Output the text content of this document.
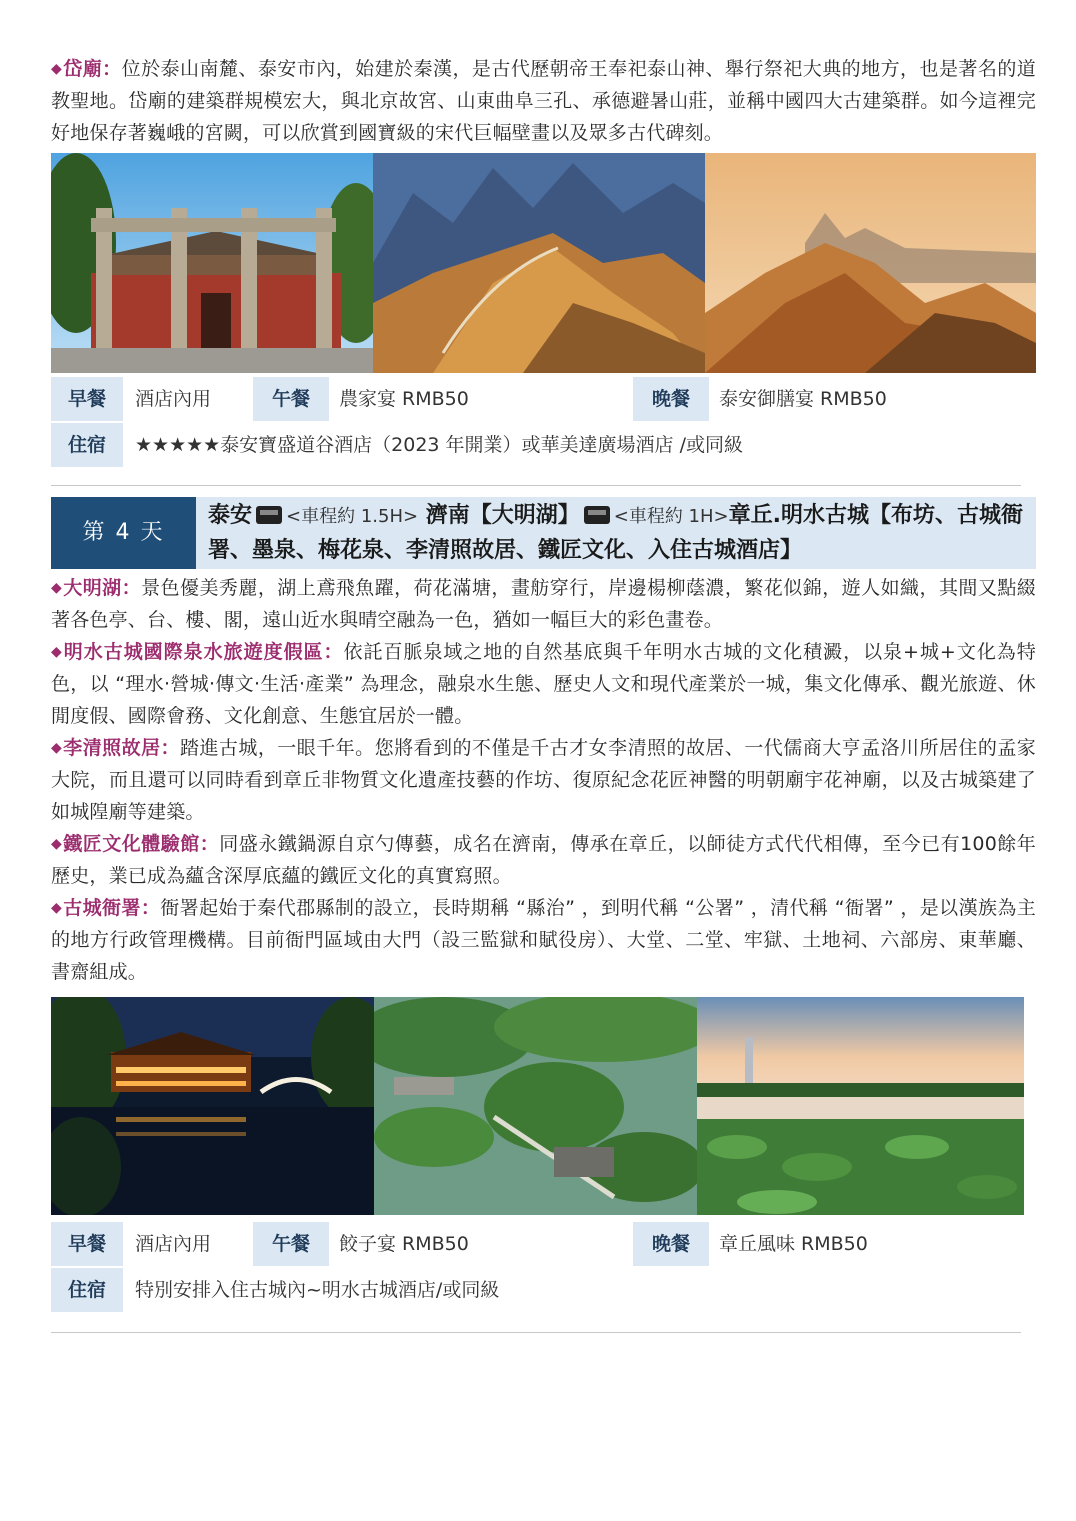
◆岱廟：位於泰山南麓、泰安市內，始建於秦漢，是古代歷朝帝王奉祀泰山神、舉行祭祀大典的地方，也是著名的道教聖地。岱廟的建築群規模宏大，與北京故宮、山東曲阜三孔、承德避暑山莊，並稱中國四大古建築群。如今這裡完好地保存著巍峨的宮闕，可以欣賞到國寶級的宋代巨幅壁畫以及眾多古代碑刻。

早餐	酒店內用	午餐	農家宴 RMB50	晚餐	泰安御膳宴 RMB50
住宿	★★★★★泰安寶盛道谷酒店（2023 年開業）或華美達廣場酒店 /或同級
第 4 天
泰安 <車程約 1.5H> 濟南【大明湖】 <車程約 1H>章丘.明水古城【布坊、古城衙署、墨泉、梅花泉、李清照故居、鐵匠文化、入住古城酒店】

◆大明湖：景色優美秀麗，湖上鳶飛魚躍，荷花滿塘，畫舫穿行，岸邊楊柳蔭濃，繁花似錦，遊人如織，其間又點綴著各色亭、台、樓、閣，遠山近水與晴空融為一色，猶如一幅巨大的彩色畫卷。

◆明水古城國際泉水旅遊度假區：依託百脈泉域之地的自然基底與千年明水古城的文化積澱，以泉+城+文化為特色，以 “理水·營城·傳文·生活·產業” 為理念，融泉水生態、歷史人文和現代產業於一城，集文化傳承、觀光旅遊、休閒度假、國際會務、文化創意、生態宜居於一體。

◆李清照故居：踏進古城，一眼千年。您將看到的不僅是千古才女李清照的故居、一代儒商大亨孟洛川所居住的孟家大院，而且還可以同時看到章丘非物質文化遺產技藝的作坊、復原紀念花匠神醫的明朝廟宇花神廟，以及古城築建了如城隍廟等建築。

◆鐵匠文化體驗館：同盛永鐵鍋源自京勺傳藝，成名在濟南，傳承在章丘，以師徒方式代代相傳，至今已有100餘年歷史，業已成為蘊含深厚底蘊的鐵匠文化的真實寫照。

◆古城衙署：衙署起始于秦代郡縣制的設立，長時期稱 “縣治” ，到明代稱 “公署” ，清代稱 “衙署” ，是以漢族為主的地方行政管理機構。目前衙門區域由大門（設三監獄和賦役房）、大堂、二堂、牢獄、土地祠、六部房、東華廳、書齋組成。

早餐	酒店內用	午餐	餃子宴 RMB50	晚餐	章丘風味 RMB50
住宿	特別安排入住古城內~明水古城酒店/或同級
